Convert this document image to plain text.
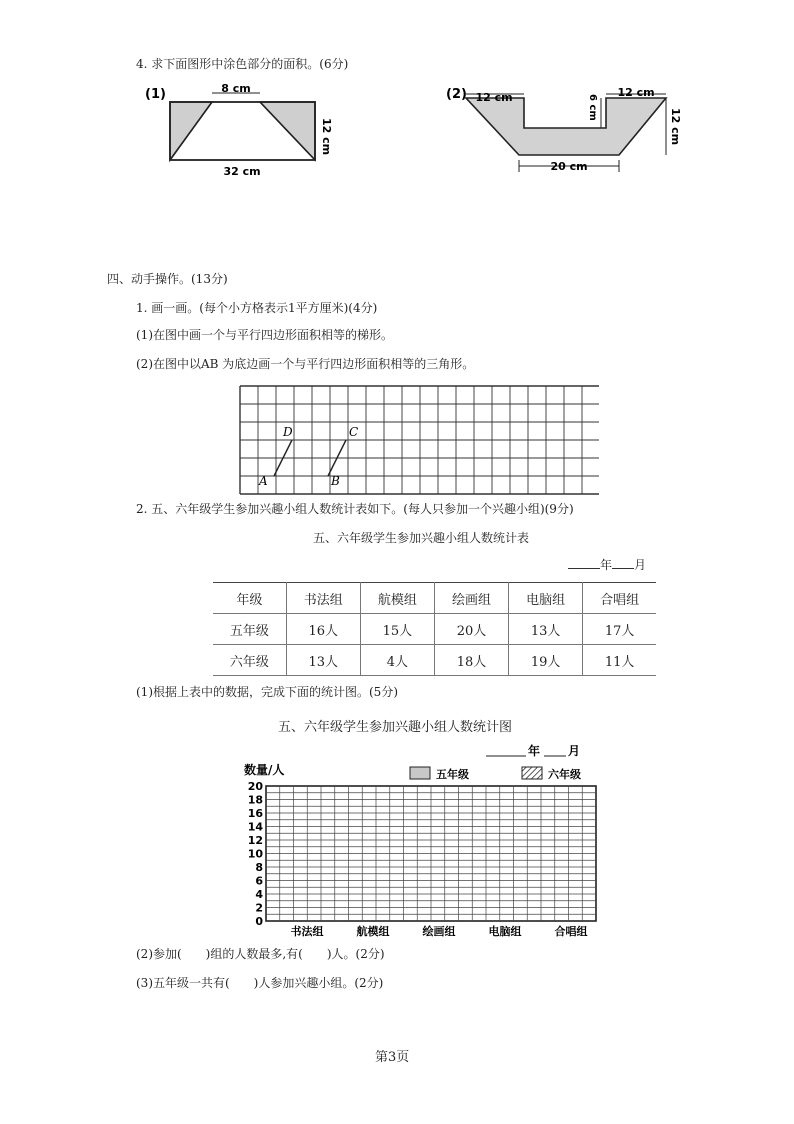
4. 求下面图形中涂色部分的面积。(6分)
(1)	8 cm
12 cm
32 cm
(2) 12 cm	12 cm
6 cm
12 cm
20 cm
四、动手操作。(13分)
1. 画一画。(每个小方格表示1平方厘米)(4分)
(1)在图中画一个与平行四边形面积相等的梯形。
(2)在图中以AB 为底边画一个与平行四边形面积相等的三角形。
A	B
D	C
2. 五、六年级学生参加兴趣小组人数统计表如下。(每人只参加一个兴趣小组)(9分)
五、六年级学生参加兴趣小组人数统计表
年 月
年级	书法组	航模组	绘画组	电脑组	合唱组
五年级	16人	15人	20人	13人	17人
六年级	13人	4人	18人	19人	11人
(1)根据上表中的数据，完成下面的统计图。(5分)
五、六年级学生参加兴趣小组人数统计图
年 月
数量/人	五年级	六年级
0
2
4
6
8
10
12
14
16
18
20
书法组	航模组	绘画组	电脑组	合唱组
(2)参加(　　)组的人数最多,有(　　)人。(2分)
(3)五年级一共有(　　)人参加兴趣小组。(2分)
第3页
